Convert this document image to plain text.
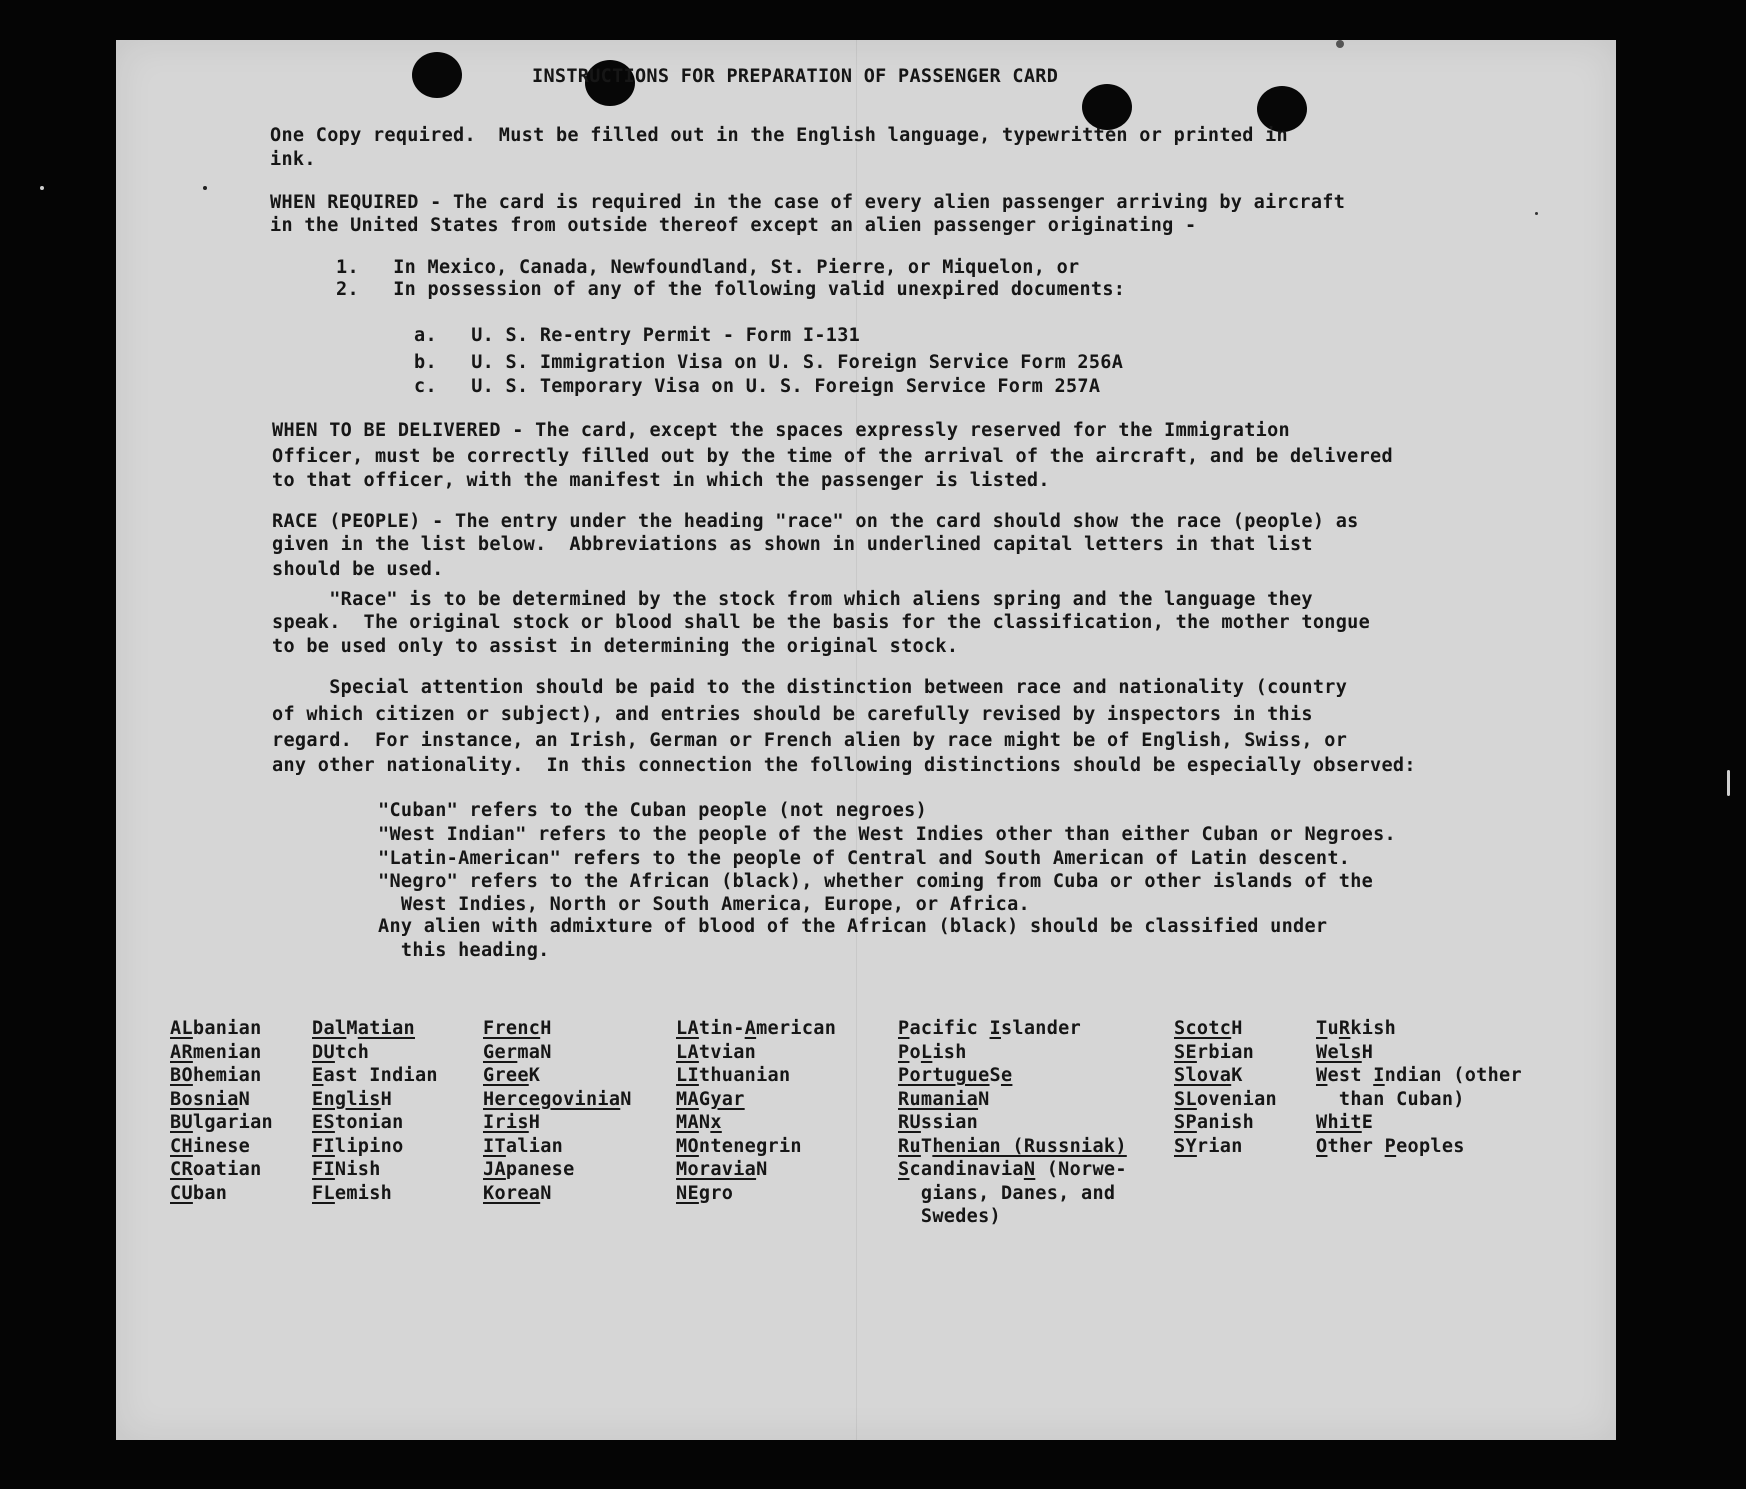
INSTRUCTIONS FOR PREPARATION OF PASSENGER CARD
One Copy required.  Must be filled out in the English language, typewritten or printed in
ink.
WHEN REQUIRED - The card is required in the case of every alien passenger arriving by aircraft
in the United States from outside thereof except an alien passenger originating -
1.   In Mexico, Canada, Newfoundland, St. Pierre, or Miquelon, or
2.   In possession of any of the following valid unexpired documents:
a.   U. S. Re-entry Permit - Form I-131
b.   U. S. Immigration Visa on U. S. Foreign Service Form 256A
c.   U. S. Temporary Visa on U. S. Foreign Service Form 257A
WHEN TO BE DELIVERED - The card, except the spaces expressly reserved for the Immigration
Officer, must be correctly filled out by the time of the arrival of the aircraft, and be delivered
to that officer, with the manifest in which the passenger is listed.
RACE (PEOPLE) - The entry under the heading "race" on the card should show the race (people) as
given in the list below.  Abbreviations as shown in underlined capital letters in that list
should be used.
"Race" is to be determined by the stock from which aliens spring and the language they
speak.  The original stock or blood shall be the basis for the classification, the mother tongue
to be used only to assist in determining the original stock.
Special attention should be paid to the distinction between race and nationality (country
of which citizen or subject), and entries should be carefully revised by inspectors in this
regard.  For instance, an Irish, German or French alien by race might be of English, Swiss, or
any other nationality.  In this connection the following distinctions should be especially observed:
"Cuban" refers to the Cuban people (not negroes)
"West Indian" refers to the people of the West Indies other than either Cuban or Negroes.
"Latin-American" refers to the people of Central and South American of Latin descent.
"Negro" refers to the African (black), whether coming from Cuba or other islands of the
West Indies, North or South America, Europe, or Africa.
Any alien with admixture of blood of the African (black) should be classified under
this heading.
ALbanian
ARmenian
BOhemian
BosniaN
BUlgarian
CHinese
CRoatian
CUban
DalMatian
DUtch
East Indian
EnglisH
EStonian
FIlipino
FINish
FLemish
FrencH
GermaN
GreeK
HercegoviniaN
IrisH
ITalian
JApanese
KoreaN
LAtin-American
LAtvian
LIthuanian
MAGyar
MANx
MOntenegrin
MoraviaN
NEgro
Pacific Islander
PoLish
PortugueSe
RumaniaN
RUssian
RuThenian (Russniak)
ScandinaviaN (Norwe-
gians, Danes, and
Swedes)
ScotcH
SErbian
SlovaK
SLovenian
SPanish
SYrian
TuRkish
WelsH
West Indian (other
than Cuban)
WhitE
Other Peoples
